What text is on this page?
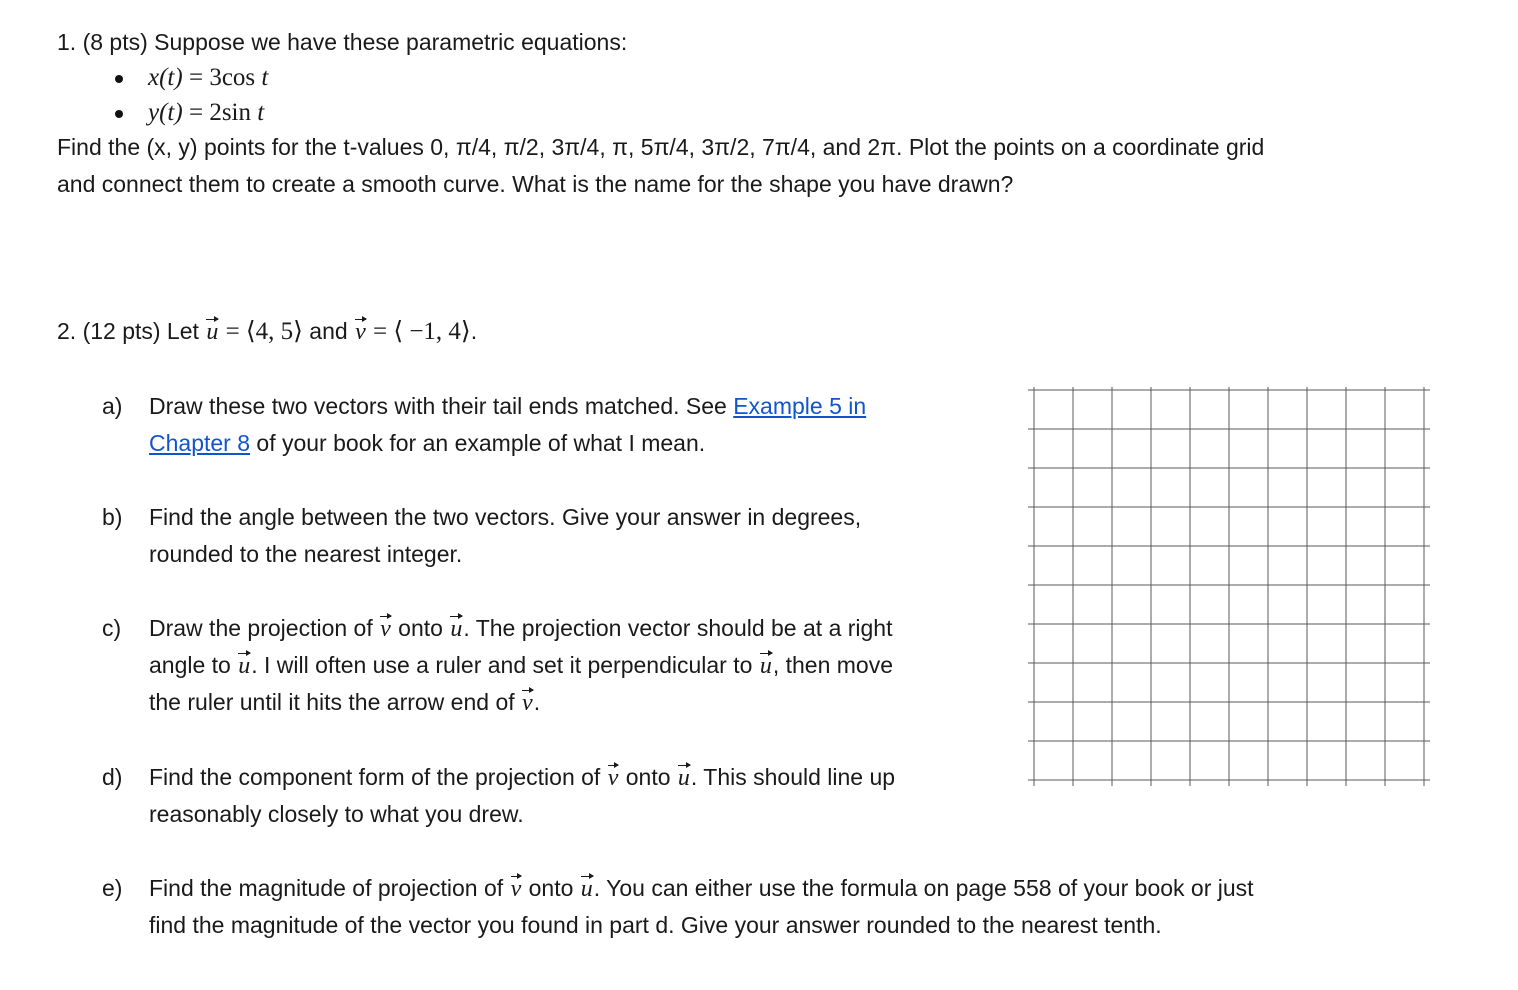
1. (8 pts) Suppose we have these parametric equations:
x(t) = 3cos t
y(t) = 2sin t
Find the (x, y) points for the t-values 0, π/4, π/2, 3π/4, π, 5π/4, 3π/2, 7π/4, and 2π. Plot the points on a coordinate grid
and connect them to create a smooth curve. What is the name for the shape you have drawn?
2. (12 pts) Let u = ⟨4, 5⟩ and v = ⟨ −1, 4⟩.
a) Draw these two vectors with their tail ends matched. See Example 5 in
Chapter 8 of your book for an example of what I mean.
b) Find the angle between the two vectors. Give your answer in degrees,
rounded to the nearest integer.
c) Draw the projection of v onto u. The projection vector should be at a right
angle to u. I will often use a ruler and set it perpendicular to u, then move
the ruler until it hits the arrow end of v.
d) Find the component form of the projection of v onto u. This should line up
reasonably closely to what you drew.
e) Find the magnitude of projection of v onto u. You can either use the formula on page 558 of your book or just
find the magnitude of the vector you found in part d. Give your answer rounded to the nearest tenth.
